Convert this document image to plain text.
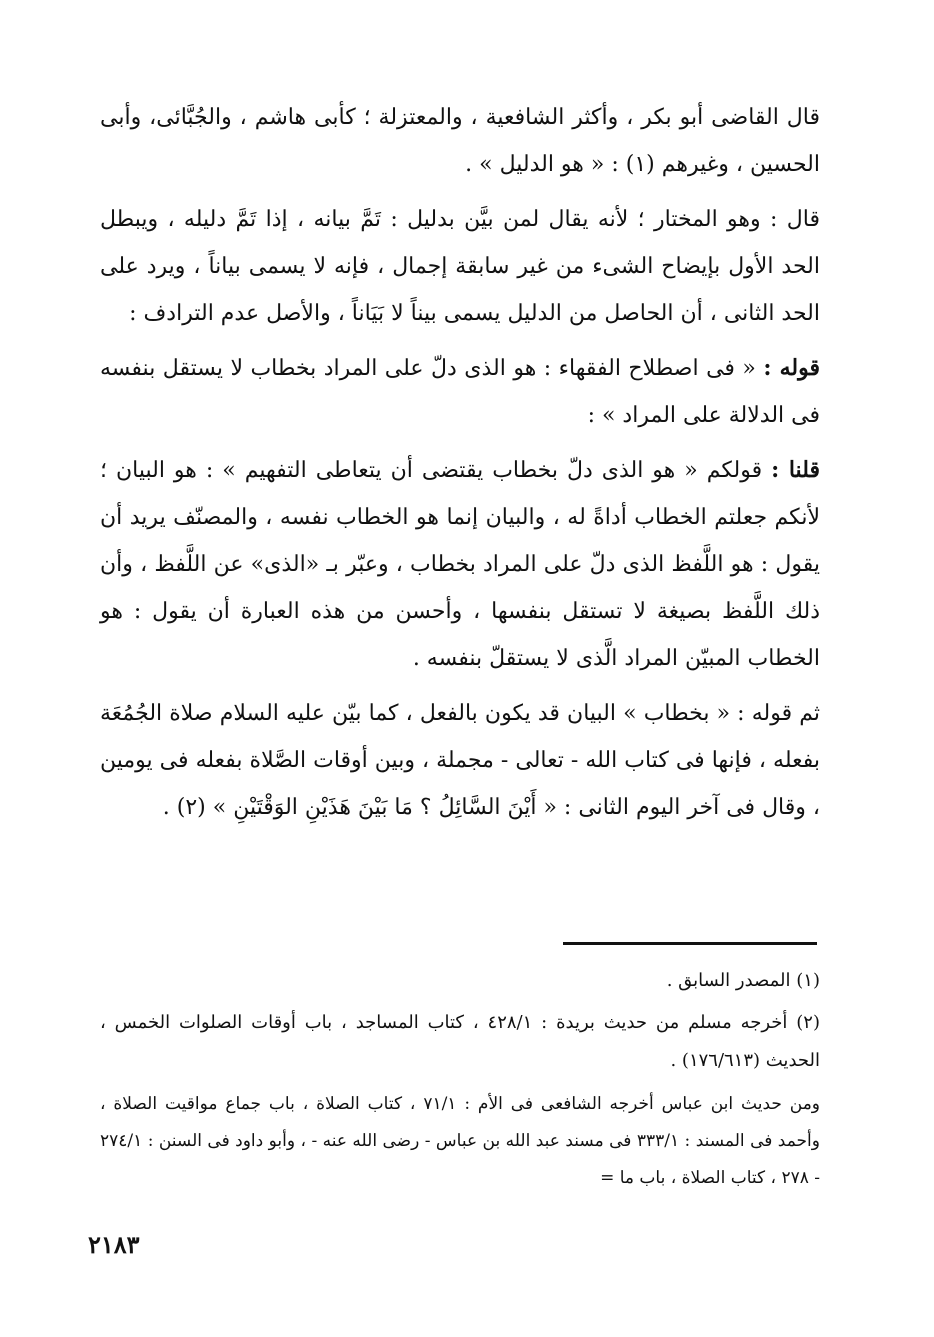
قال القاضى أبو بكر ، وأكثر الشافعية ، والمعتزلة ؛ كأبى هاشم ، والجُبَّائى، وأبى الحسين ، وغيرهم (١) : « هو الدليل » .

قال : وهو المختار ؛ لأنه يقال لمن بيَّن بدليل : تَمَّ بيانه ، إذا تَمَّ دليله ، ويبطل الحد الأول بإيضاح الشىء من غير سابقة إجمال ، فإنه لا يسمى بياناً ، ويرد على الحد الثانى ، أن الحاصل من الدليل يسمى بيناً لا بَيَاناً ، والأصل عدم الترادف :

قوله : « فى اصطلاح الفقهاء : هو الذى دلّ على المراد بخطاب لا يستقل بنفسه فى الدلالة على المراد » :

قلنا : قولكم « هو الذى دلّ بخطاب يقتضى أن يتعاطى التفهيم » : هو البيان ؛ لأنكم جعلتم الخطاب أداةً له ، والبيان إنما هو الخطاب نفسه ، والمصنّف يريد أن يقول : هو اللَّفظ الذى دلّ على المراد بخطاب ، وعبّر بـ «الذى» عن اللَّفظ ، وأن ذلك اللَّفظ بصيغة لا تستقل بنفسها ، وأحسن من هذه العبارة أن يقول : هو الخطاب المبيّن المراد الَّذى لا يستقلّ بنفسه .

ثم قوله : « بخطاب » البيان قد يكون بالفعل ، كما بيّن عليه السلام صلاة الجُمُعَة بفعله ، فإنها فى كتاب الله - تعالى - مجملة ، وبين أوقات الصَّلاة بفعله فى يومين ، وقال فى آخر اليوم الثانى : « أَيْنَ السَّائِلُ ؟ مَا بَيْنَ هَذَيْنِ الوَقْتَيْنِ » (٢) .

(١) المصدر السابق .

(٢) أخرجه مسلم من حديث بريدة : ٤٢٨/١ ، كتاب المساجد ، باب أوقات الصلوات الخمس ، الحديث (١٧٦/٦١٣) .

ومن حديث ابن عباس أخرجه الشافعى فى الأم : ٧١/١ ، كتاب الصلاة ، باب جماع مواقيت الصلاة ، وأحمد فى المسند : ٣٣٣/١ فى مسند عبد الله بن عباس - رضى الله عنه - ، وأبو داود فى السنن : ٢٧٤/١ - ٢٧٨ ، كتاب الصلاة ، باب ما =

٢١٨٣
